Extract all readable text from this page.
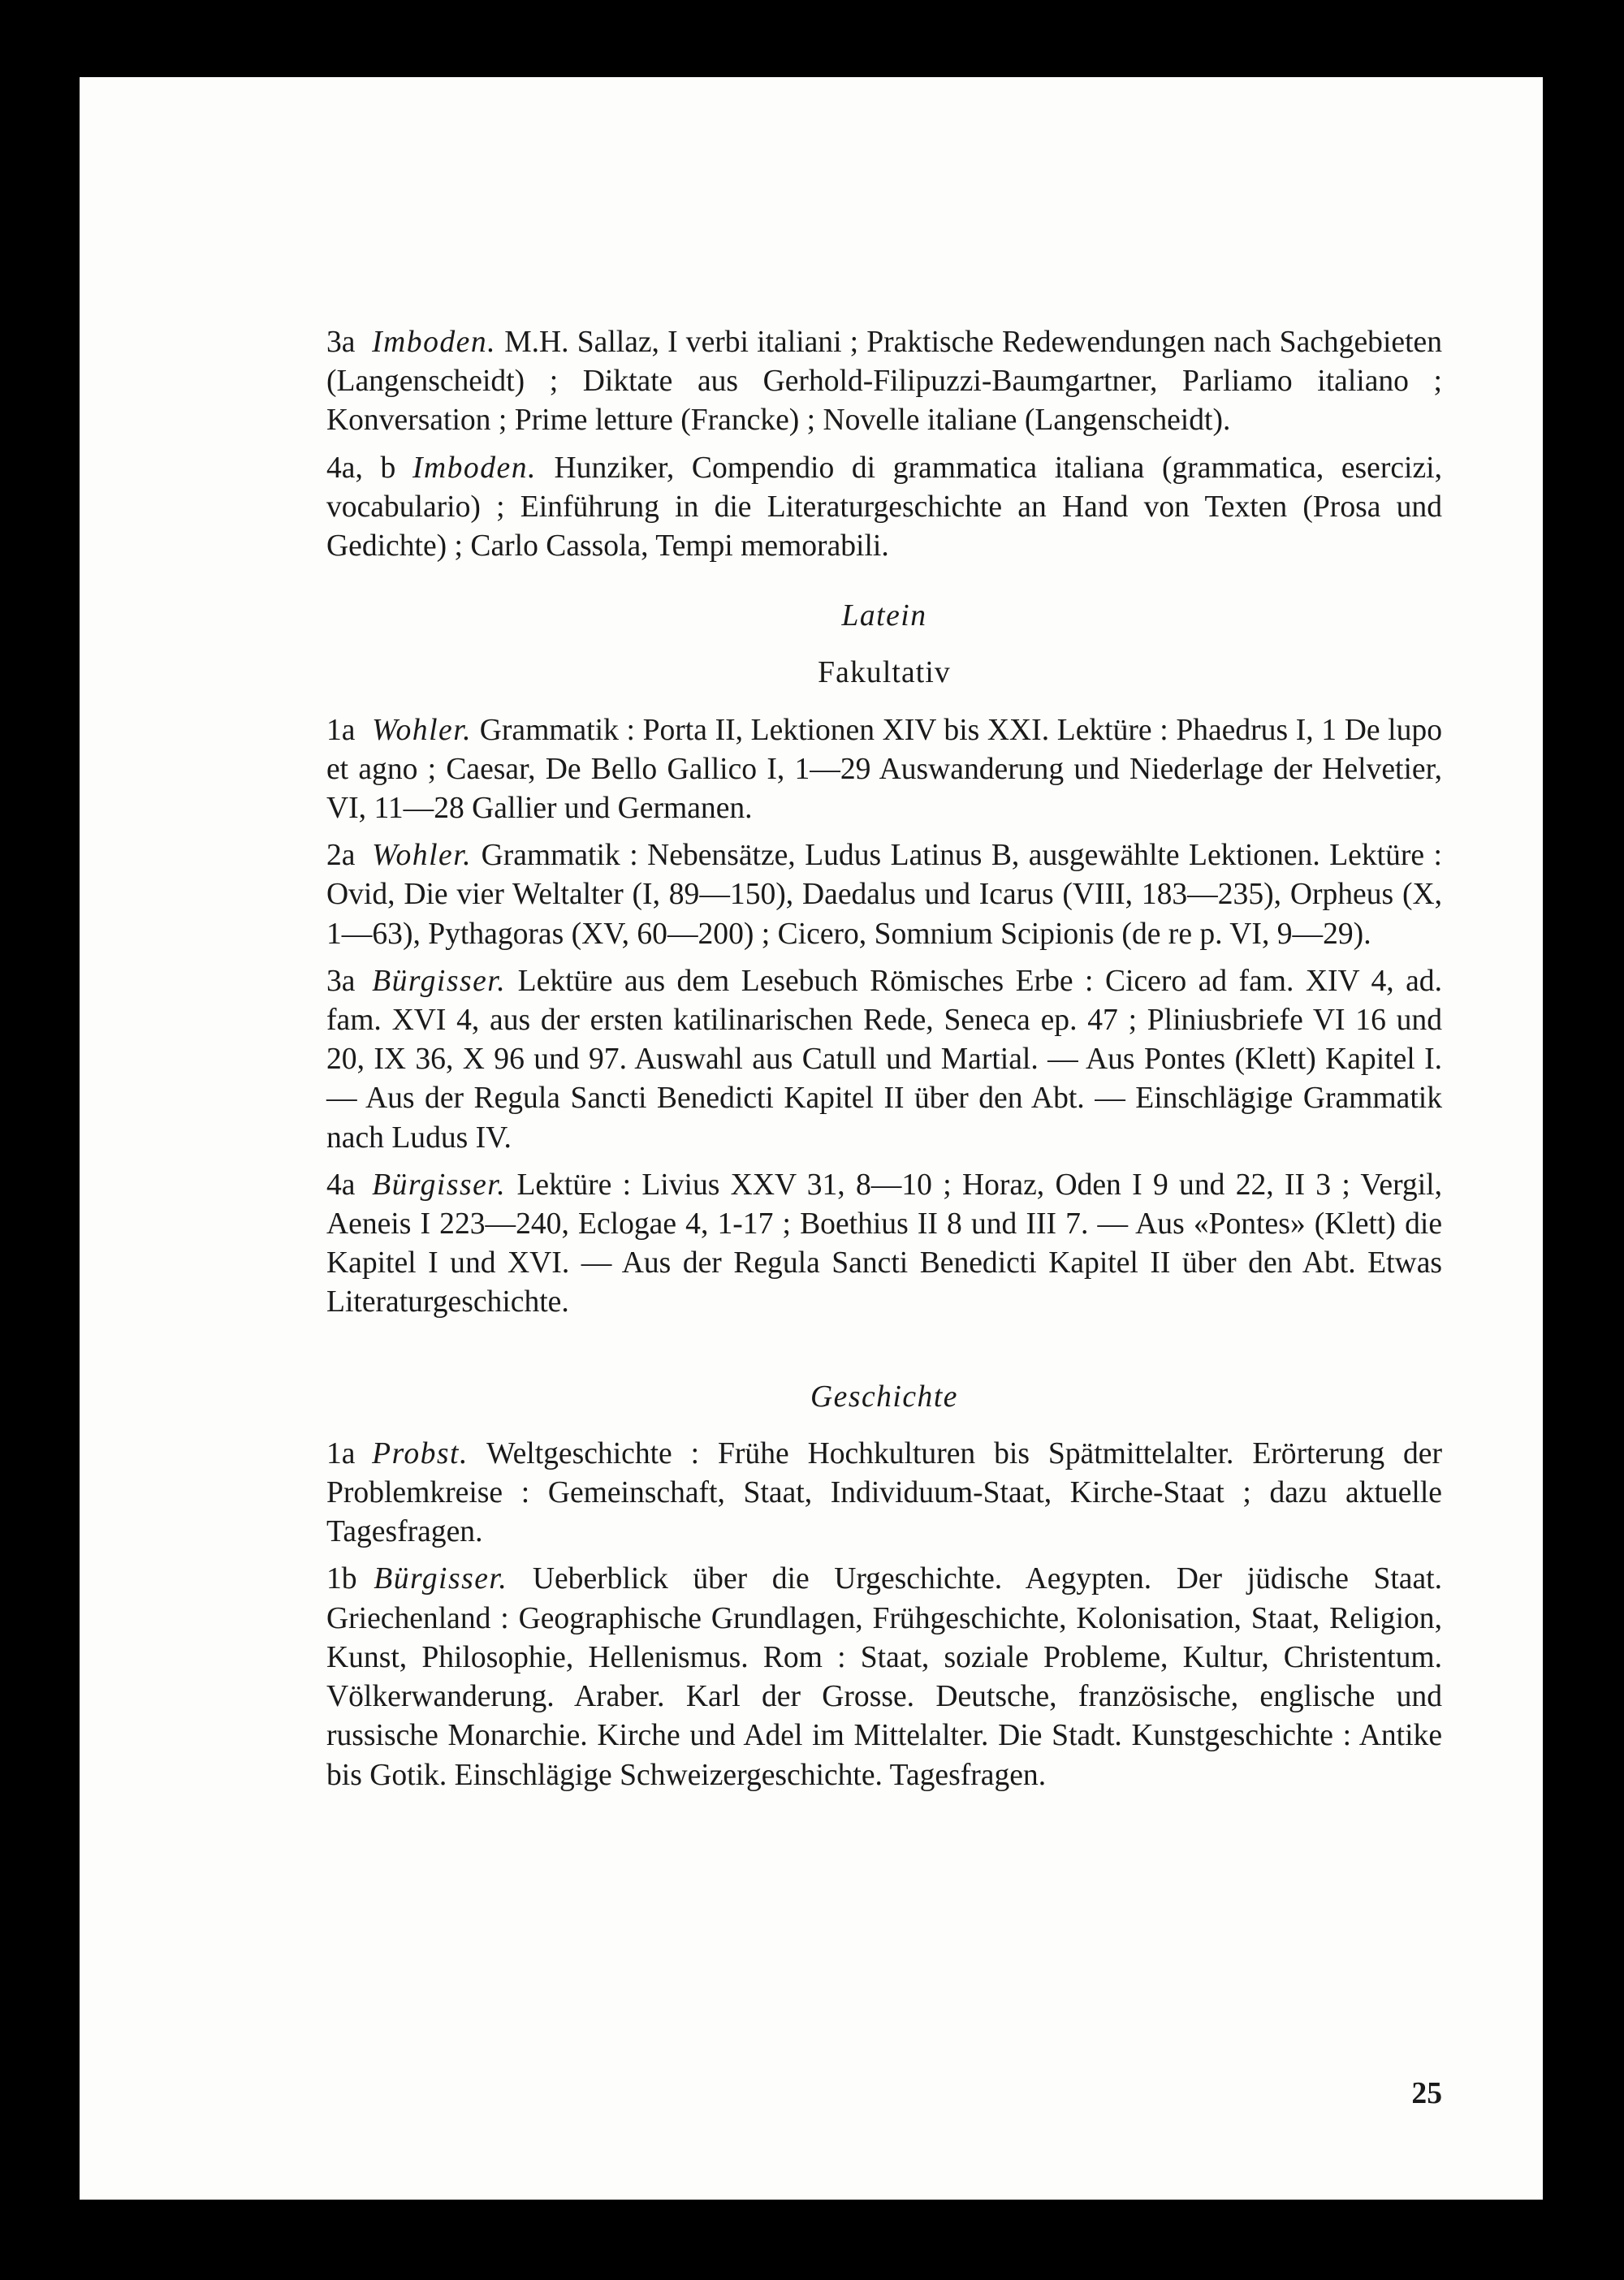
3a Imboden. M.H. Sallaz, I verbi italiani ; Praktische Redewendungen nach Sachgebieten (Langenscheidt) ; Diktate aus Gerhold-Filipuzzi-Baumgartner, Parliamo italiano ; Konversation ; Prime letture (Francke) ; Novelle italiane (Langenscheidt).

4a, b Imboden. Hunziker, Compendio di grammatica italiana (grammatica, esercizi, vocabulario) ; Einführung in die Literaturgeschichte an Hand von Texten (Prosa und Gedichte) ; Carlo Cassola, Tempi memorabili.

Latein
Fakultativ

1a Wohler. Grammatik : Porta II, Lektionen XIV bis XXI. Lektüre : Phaedrus I, 1 De lupo et agno ; Caesar, De Bello Gallico I, 1—29 Auswanderung und Niederlage der Helvetier, VI, 11—28 Gallier und Germanen.

2a Wohler. Grammatik : Nebensätze, Ludus Latinus B, ausgewählte Lektionen. Lektüre : Ovid, Die vier Weltalter (I, 89—150), Daedalus und Icarus (VIII, 183—235), Orpheus (X, 1—63), Pythagoras (XV, 60—200) ; Cicero, Somnium Scipionis (de re p. VI, 9—29).

3a Bürgisser. Lektüre aus dem Lesebuch Römisches Erbe : Cicero ad fam. XIV 4, ad. fam. XVI 4, aus der ersten katilinarischen Rede, Seneca ep. 47 ; Pliniusbriefe VI 16 und 20, IX 36, X 96 und 97. Auswahl aus Catull und Martial. — Aus Pontes (Klett) Kapitel I. — Aus der Regula Sancti Benedicti Kapitel II über den Abt. — Einschlägige Grammatik nach Ludus IV.

4a Bürgisser. Lektüre : Livius XXV 31, 8—10 ; Horaz, Oden I 9 und 22, II 3 ; Vergil, Aeneis I 223—240, Eclogae 4, 1-17 ; Boethius II 8 und III 7. — Aus «Pontes» (Klett) die Kapitel I und XVI. — Aus der Regula Sancti Benedicti Kapitel II über den Abt. Etwas Literaturgeschichte.

Geschichte

1a Probst. Weltgeschichte : Frühe Hochkulturen bis Spätmittelalter. Erörterung der Problemkreise : Gemeinschaft, Staat, Individuum-Staat, Kirche-Staat ; dazu aktuelle Tagesfragen.

1b Bürgisser. Ueberblick über die Urgeschichte. Aegypten. Der jüdische Staat. Griechenland : Geographische Grundlagen, Frühgeschichte, Kolonisation, Staat, Religion, Kunst, Philosophie, Hellenismus. Rom : Staat, soziale Probleme, Kultur, Christentum. Völkerwanderung. Araber. Karl der Grosse. Deutsche, französische, englische und russische Monarchie. Kirche und Adel im Mittelalter. Die Stadt. Kunstgeschichte : Antike bis Gotik. Einschlägige Schweizergeschichte. Tagesfragen.

25
